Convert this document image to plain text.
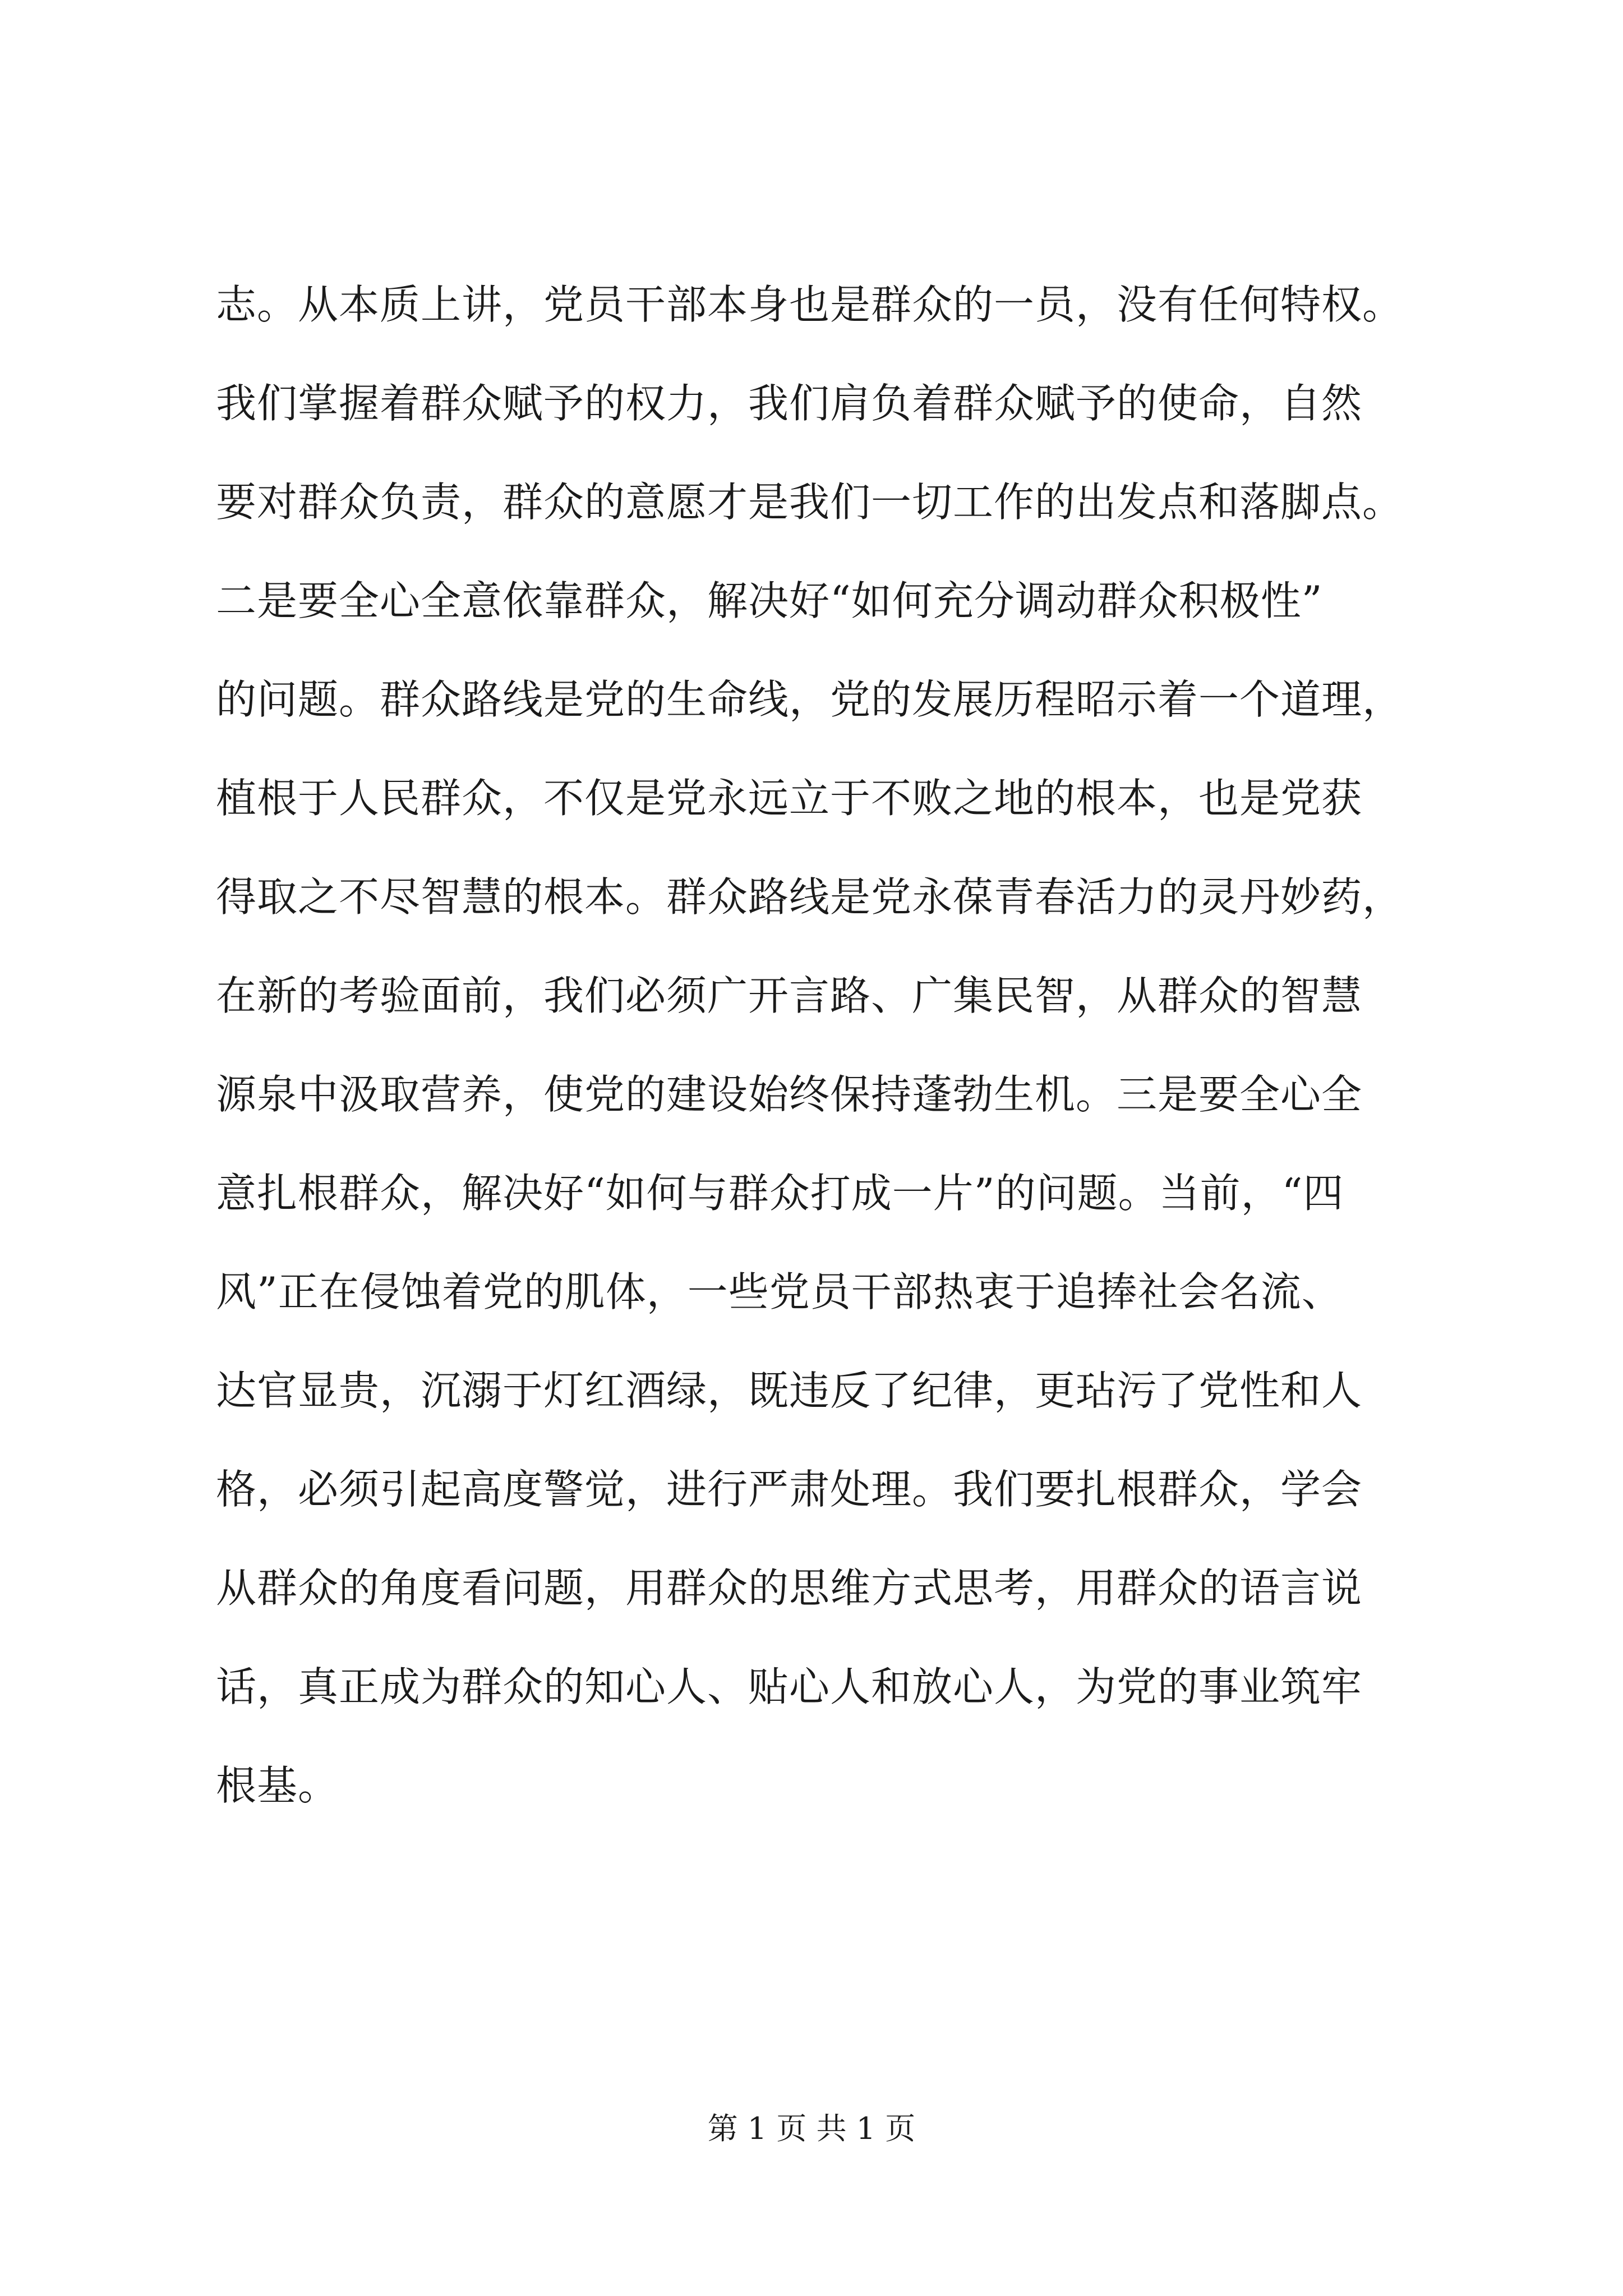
志。从本质上讲，党员干部本身也是群众的一员，没有任何特权。
我们掌握着群众赋予的权力，我们肩负着群众赋予的使命，自然
要对群众负责，群众的意愿才是我们一切工作的出发点和落脚点。
二是要全心全意依靠群众，解决好“如何充分调动群众积极性”
的问题。群众路线是党的生命线，党的发展历程昭示着一个道理，
植根于人民群众，不仅是党永远立于不败之地的根本，也是党获
得取之不尽智慧的根本。群众路线是党永葆青春活力的灵丹妙药，
在新的考验面前，我们必须广开言路、广集民智，从群众的智慧
源泉中汲取营养，使党的建设始终保持蓬勃生机。三是要全心全
意扎根群众，解决好“如何与群众打成一片”的问题。当前，“四
风”正在侵蚀着党的肌体，一些党员干部热衷于追捧社会名流、
达官显贵，沉溺于灯红酒绿，既违反了纪律，更玷污了党性和人
格，必须引起高度警觉，进行严肃处理。我们要扎根群众，学会
从群众的角度看问题，用群众的思维方式思考，用群众的语言说
话，真正成为群众的知心人、贴心人和放心人，为党的事业筑牢
根基。
第 1 页 共 1 页
